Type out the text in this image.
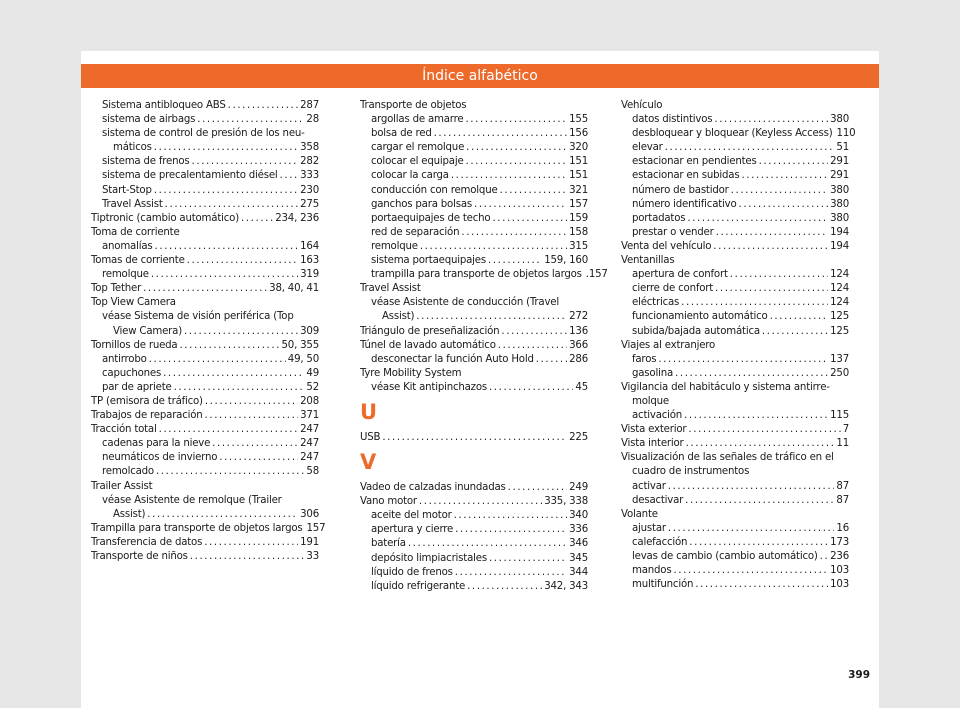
Índice alfabético
Sistema antibloqueo ABS .....	287
sistema de airbags .....	28
sistema de control de presión de los neu-
máticos .....	358
sistema de frenos .....	282
sistema de precalentamiento diésel ..... 333
Start-Stop .....	230
Travel Assist .....	275
Tiptronic (cambio automático) .....	234, 236
Toma de corriente
anomalías .....	164
Tomas de corriente .....	163
remolque .....	319
Top Tether .....	38, 40, 41
Top View Camera
véase Sistema de visión periférica (Top
View Camera) .....	309
Tornillos de rueda .....	50, 355
antirrobo .....	49, 50
capuchones .....	49
par de apriete .....	52
TP (emisora de tráfico) .....	208
Trabajos de reparación .....	371
Tracción total .....	247
cadenas para la nieve .....	247
neumáticos de invierno .....	247
remolcado .....	58
Trailer Assist
véase Asistente de remolque (Trailer
Assist) .....	306
Trampilla para transporte de objetos largos 157
Transferencia de datos .....	191
Transporte de niños .....	33
Transporte de objetos
argollas de amarre .....	155
bolsa de red .....	156
cargar el remolque .....	320
colocar el equipaje .....	151
colocar la carga .....	151
conducción con remolque .....	321
ganchos para bolsas .....	157
portaequipajes de techo .....	159
red de separación .....	158
remolque .....	315
sistema portaequipajes .....	159, 160
trampilla para transporte de objetos largos .157
Travel Assist
véase Asistente de conducción (Travel
Assist) .....	272
Triángulo de preseñalización .....	136
Túnel de lavado automático .....	366
desconectar la función Auto Hold .....	286
Tyre Mobility System
véase Kit antipinchazos .....	45
U
USB .....	225
V
Vadeo de calzadas inundadas .....	249
Vano motor .....	335, 338
aceite del motor .....	340
apertura y cierre .....	336
batería .....	346
depósito limpiacristales .....	345
líquido de frenos .....	344
líquido refrigerante .....	342, 343
Vehículo
datos distintivos .....	380
desbloquear y bloquear (Keyless Access) 110
elevar .....	51
estacionar en pendientes .....	291
estacionar en subidas .....	291
número de bastidor .....	380
número identificativo .....	380
portadatos .....	380
prestar o vender .....	194
Venta del vehículo .....	194
Ventanillas
apertura de confort .....	124
cierre de confort .....	124
eléctricas .....	124
funcionamiento automático .....	125
subida/bajada automática .....	125
Viajes al extranjero
faros .....	137
gasolina .....	250
Vigilancia del habitáculo y sistema antirre-
molque
activación .....	115
Vista exterior .....	7
Vista interior .....	11
Visualización de las señales de tráfico en el
cuadro de instrumentos
activar .....	87
desactivar .....	87
Volante
ajustar .....	16
calefacción .....	173
levas de cambio (cambio automático) ..... 236
mandos .....	103
multifunción .....	103
399
